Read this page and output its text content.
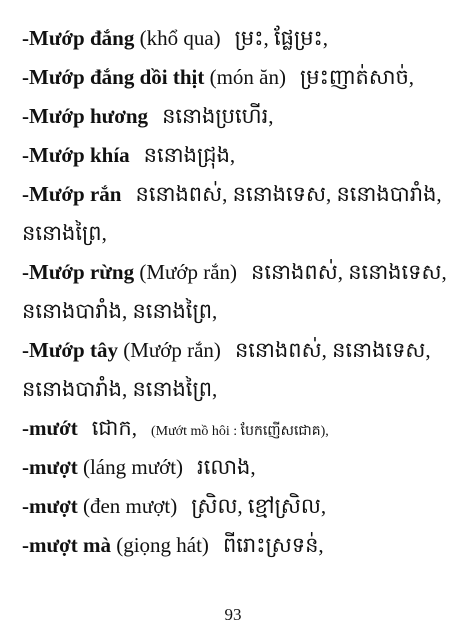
-Mướp đắng (khổ qua) ម្រះ, ផ្លែម្រះ,
-Mướp đắng dồi thịt (món ăn) ម្រះញាត់សាច់,
-Mướp hương ននោងប្រហើរ,
-Mướp khía ននោងជ្រុង,
-Mướp rắn ននោងពស់, ននោងទេស, ននោងបារាំង,
ននោងព្រៃ,
-Mướp rừng (Mướp rắn) ននោងពស់, ននោងទេស,
ននោងបារាំង, ននោងព្រៃ,
-Mướp tây (Mướp rắn) ននោងពស់, ននោងទេស,
ននោងបារាំង, ននោងព្រៃ,
-mướt ជោក, (Mướt mồ hôi : បែកញើសជោគ),
-mượt (láng mướt) រលោង,
-mượt (đen mượt) ស្រិល, ខ្មៅស្រិល,
-mượt mà (giọng hát) ពីរោះស្រទន់,
93
